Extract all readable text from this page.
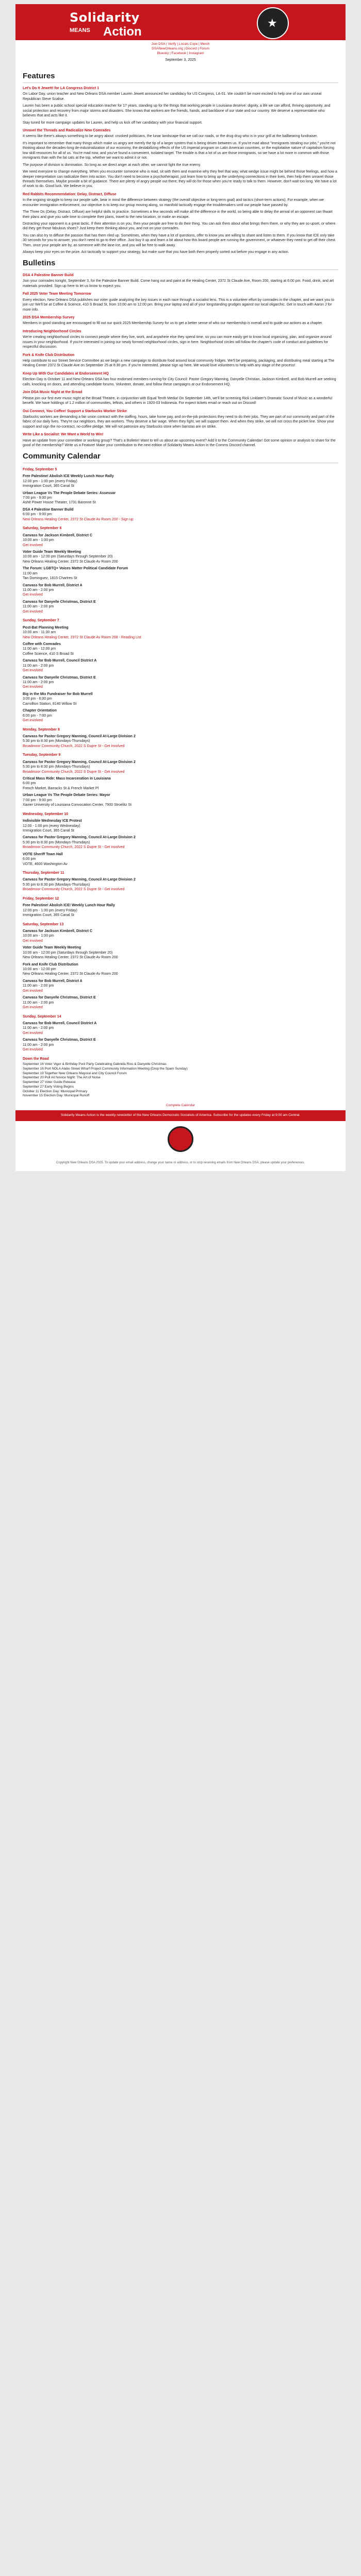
Solidarity
MEANS Action
★
Join DSA | Verify | Locals Cope | Merch
DSANewOrleans.org | Discord | Forum
Bluesky | Facebook | Instagram
September 3, 2025
Features
Let's Do It Jewett! for LA Congress District 1

On Labor Day, union teacher and New Orleans DSA member Lauren Jewett announced her candidacy for US Congress, LA-01. We couldn't be more excited to help one of our own unseat Republican Steve Scalise.

Lauren has been a public school special education teacher for 17 years, standing up for the things that working people in Louisiana deserve: dignity, a life we can afford, thriving opportunity, and social protection and recovery from major storms and disasters. She knows that workers are the friends, hands, and backbone of our state and our country. We deserve a representative who believes that and acts like it.

Stay tuned for more campaign updates for Lauren, and help us kick off her candidacy with your financial support.

Unravel the Threads and Radicalize New Comrades

It seems like there's always something to be angry about: crooked politicians, the lunar landscape that we call our roads, or the drug drug who is in your grill at the ballbearing fundraiser.

It's important to remember that many things which make us angry are merely the tip of a larger system that is being driven between us. If you're mad about "immigrants stealing our jobs," you're not thinking about the decades-long de-industrialization of our economy, the destabilizing effects of the US imperial program on Latin American countries, or the exploitative nature of capitalism forcing low skill resources for all of us. You're mad now, and you've found a convenient, isolated target. The trouble is that a lot of us are those immigrants, so we have a lot more in common with those immigrants than with the fat cats at the top, whether we want to admit it or not.

The purpose of division is domination. So long as we direct anger at each other, we cannot fight the true enemy.

We need everyone to change everything. When you encounter someone who is mad, sit with them and examine why they feel that way, what wedge issue might be behind those feelings, and how a deeper interpretation can radicalize them into action. You don't need to become a psychotherapist, just learn how to bring up the underlying connections in their lives, then help them unravel those threads themselves. Maybe provide a bit of guidance. There are plenty of angry people out there; they will do for those when you're ready to talk to them. However, don't wait too long. We have a lot of work to do. Good luck. We believe in you.

Red Rabbits Recommendation: Delay, Distract, Diffuse

In the ongoing struggle to keep our people safe, bear in mind the difference between strategy (the overall objective or long-term goal) and tactics (short-term actions). For example, when we encounter immigration enforcement, our objective is to keep our group moving along, so manifold tactically engage the troublemakers until our people have passed by.

The Three Ds (Delay, Distract, Diffuse) are helpful skills to practice. Sometimes a few seconds will make all the difference in the world, so being able to delay the arrival of an opponent can thwart their plans and give you safe time to complete their plans, travel to the new location, or make an escape.

Distracting your opponent is a great tactic. If their attention is on you, then your people are free to do their thing. You can ask them about what brings them there, or why they are so upset, or where did they get those fabulous shoes? Just keep them thinking about you, and not on your comrades.

You can also try to diffuse the passion that has them riled up. Sometimes, when they have a lot of questions, offer to know you are willing to share and listen to them. If you know that ICE only take 30 seconds for you to answer, you don't need to go to their office. Just buy it up and learn a bit about how this board people are running the government, or whatever they need to get off their chest. Then, once your people are by, as someone with the lane-ice, and you will be free to walk away.

Always keep your eyes on the prize. Act tactically to support your strategy, but make sure that you have both them properly sorted out before you engage in any action.

Bulletins
DSA 4 Palestine Banner Build

Join your comrades tonight, September 3, for the Palestine Banner Build. Come hang out and paint at the Healing Center, 2372 St Claude Ave, Room 200, starting at 6:00 pm. Food, drink, and art materials provided. Sign up here to let us know to expect you.

Fall 2025 Voter Team Meeting Tomorrow

Every election, New Orleans DSA publishes our voter guide analyzing the key issues in each race through a socialist lens. This is a volunteer effort by comrades in the chapter, and we want you to join us! We'll be at Coffee & Science, 410 S Broad St, from 10:00 am to 12:00 pm. Bring your laptop and all of your longstanding grudges against our local oligarchic. Get in touch with Aaron J for more info.

2025 DSA Membership Survey

Members in good standing are encouraged to fill out our quick 2025 Membership Survey for us to get a better sense of who our membership is overall and to guide our actions as a chapter.

Introducing Neighborhood Circles

We're creating neighborhood circles to connect people where they live, work, and anywhere else they spend time, so you can more easily get to know local organizing, plan, and organize around issues in your neighborhood. If you're interested in joining our newly formed neighborhood circles, sign in here. Neighborhood circles will follow the chapter's code of conduct and guidelines for respectful discussion.

Fork & Knife Club Distribution

Help contribute to our Street Service Committee as we begin a new campaign to distribute food around local community fridges. We'll be preparing, packaging, and distributing meal starting at The Healing Center 2372 St Claude Ave on September 25 at 6:30 pm. If you're interested, please sign up here. We would love volunteers to help with any stage of the process!

Keep Up With Our Candidates at Endorsement HQ

Election Day is October 11 and New Orleans DSA has four endorsed members running for City Council: Pastor Gregory Manning, Danyelle Christian, Jackson Kimbrell, and Bob Murrell are seeking calls, knocking on doors, and attending candidate forums. Volunteer, donate, and follow these campaigns at our Endorsement HQ.

Join DSA Music Night at the Broad

Please join our first ever music night at the Broad Theatre, in conjunction with Equal Tenth Media! On September 14th, we'll be screening Rick Linklater's Dramatic Sound of Music as a wonderful benefit. We have holdings of 1.2 million of communities, leftists, and others in 1920-03 Indonesia. For expect tickets email or reach out on Discord!

Oui Connect, You Coffee! Support a Starbucks Worker Strike

Starbucks workers are demanding a fair union contract with the staffing, hours, take home pay, and on-the-job protections they need to do their jobs. They are part of our community and part of the fabric of our daily lives. They're our neighbors, they are workers. They deserve a fair wage. When they fight, we will support them. And when they strike, we will not cross the picket line. Show your support and sign the no-contract, no-coffee pledge. We will not patronize any Starbucks store when baristas are on strike.

Write Like a Socialist: We Want a World to Win!

Have an update from your committee or working group? That's a Bulletin! Want to tell us about an upcoming event? Add it to the Community Calendar! Got some opinion or analysis to share for the good of the membership? Write us a Feature! Make your contribution to the next edition of Solidarity Means Action in the Comms Discord channel.

Community Calendar
Friday, September 5
Free Palestine! Abolish ICE Weekly Lunch Hour Rally
12:00 pm - 1:00 pm (every Friday)
Immigration Court, 365 Canal St
Urban League Vs The People Debate Series: Assessor
7:00 pm - 9:00 pm
Ashé Power House Theater, 1731 Baronne St
DSA 4 Palestine Banner Build
6:00 pm - 9:00 pm
New Orleans Healing Center, 2372 St Claude Av Room 200 - Sign up
Saturday, September 6
Canvass for Jackson Kimbrell, District C
10:00 am - 1:00 pm
Get involved
Voter Guide Team Weekly Meeting
10:00 am - 12:00 pm (Saturdays through September 20)
New Orleans Healing Center, 2372 St Claude Av Room 200
The Forum: LGBTQ+ Voices Matter Political Candidate Forum
11:00 am
Tan Dominguez, 1815 Chartres St
Canvass for Bob Murrell, District A
11:00 am - 2:00 pm
Get involved
Canvass for Danyelle Christmas, District E
11:00 am - 2:00 pm
Get involved
Sunday, September 7
Post-Bat Planning Meeting
10:00 am - 11:30 am
New Orleans Healing Center, 2372 St Claude Av Room 208 - Reading List
Coffee with Comrades
11:00 am - 12:00 pm
Coffee Science, 410 S Broad St
Canvass for Bob Murrell, Council District A
11:00 am - 2:00 pm
Get involved
Canvass for Danyelle Christmas, District E
11:00 am - 2:00 pm
Get involved
Big in the Mix Fundraiser for Bob Murrell
3:00 pm - 6:00 pm
Carrollton Station, 8140 Willow St
Chapter Orientation
6:00 pm - 7:00 pm
Get involved
Monday, September 8
Canvass for Pastor Gregory Manning, Council At-Large Division 2
5:30 pm to 8:30 pm (Mondays-Thursdays)
Broadmoor Community Church, 2022 S Dupre St - Get involved
Tuesday, September 9
Canvass for Pastor Gregory Manning, Council At-Large Division 2
5:30 pm to 8:30 pm (Mondays-Thursdays)
Broadmoor Community Church, 2022 S Dupre St - Get involved
Critical Mass Ride: Mass Incarceration in Louisiana
6:00 pm
French Market, Barracks St & French Market Pl
Urban League Vs The People Debate Series: Mayor
7:00 pm - 9:00 pm
Xavier University of Louisiana Convocation Center, 7900 Stroelitz St
Wednesday, September 10
Indivisible Wednesday ICE Protest
12:00 - 1:00 pm (every Wednesday)
Immigration Court, 365 Canal St
Canvass for Pastor Gregory Manning, Council At-Large Division 2
5:30 pm to 8:30 pm (Mondays-Thursdays)
Broadmoor Community Church, 2022 S Dupre St - Get involved
VOTE Sheriff Town Hall
6:00 pm
VOTE, 4600 Washington Av
Thursday, September 11
Canvass for Pastor Gregory Manning, Council At-Large Division 2
5:30 pm to 8:30 pm (Mondays-Thursdays)
Broadmoor Community Church, 2022 S Dupre St - Get involved
Friday, September 12
Free Palestine! Abolish ICE! Weekly Lunch Hour Rally
12:00 pm - 1:00 pm (every Friday)
Immigration Court, 365 Canal St
Saturday, September 13
Canvass for Jackson Kimbrell, District C
10:00 am - 1:00 pm
Get involved
Voter Guide Team Weekly Meeting
10:00 am - 12:00 pm (Saturdays through September 20)
New Orleans Healing Center, 2372 St Claude Av Room 200
Fork and Knife Club Distribution
10:00 am - 12:00 pm
New Orleans Healing Center, 2372 St Claude Av Room 200
Canvass for Bob Murrell, District A
11:00 am - 2:00 pm
Get involved
Canvass for Danyelle Christmas, District E
11:00 am - 2:00 pm
Get involved
Sunday, September 14
Canvass for Bob Murrell, Council District A
11:00 am - 2:00 pm
Get involved
Canvass for Danyelle Christmas, District E
11:00 am - 2:00 pm
Get involved
Down the Road
September 16 Voter Vigor & Birthday Pool Party Celebrating Gabriela Rios & Danyelle Christmas
September 16 Port NOLA Alabo Street Wharf Project Community Information Meeting (Drop the Spam Sunday)
September 19 Together New Orleans Mayoral and City Council Forum
September 20 Poll All Novice Night: The Art of Noise
September 27 Voter Guide Release
September 27 Early Voting Begins
October 11 Election Day: Municipal Primary
November 15 Election Day: Municipal Runoff
Complete Calendar
Solidarity Means Action is the weekly newsletter of the New Orleans Democratic Socialists of America. Subscribe for the updates every Friday at 9:00 am Central.
Copyright New Orleans DSA 2025. To update your email address, change your name or address, or to stop receiving emails from New Orleans DSA, please update your preferences.
